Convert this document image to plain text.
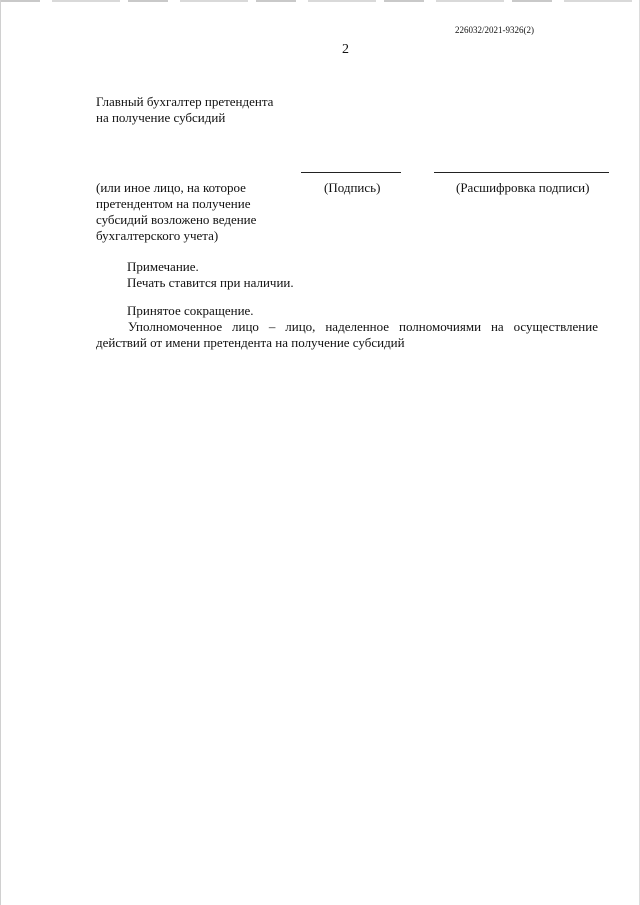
226032/2021-9326(2)
2
Главный бухгалтер претендента
на получение субсидий
(или иное лицо, на которое
претендентом на получение
субсидий возложено ведение
бухгалтерского учета)
(Подпись)	(Расшифровка подписи)
Примечание.
Печать ставится при наличии.
Принятое сокращение.
Уполномоченное лицо – лицо, наделенное полномочиями на осуществление
действий от имени претендента на получение субсидий
